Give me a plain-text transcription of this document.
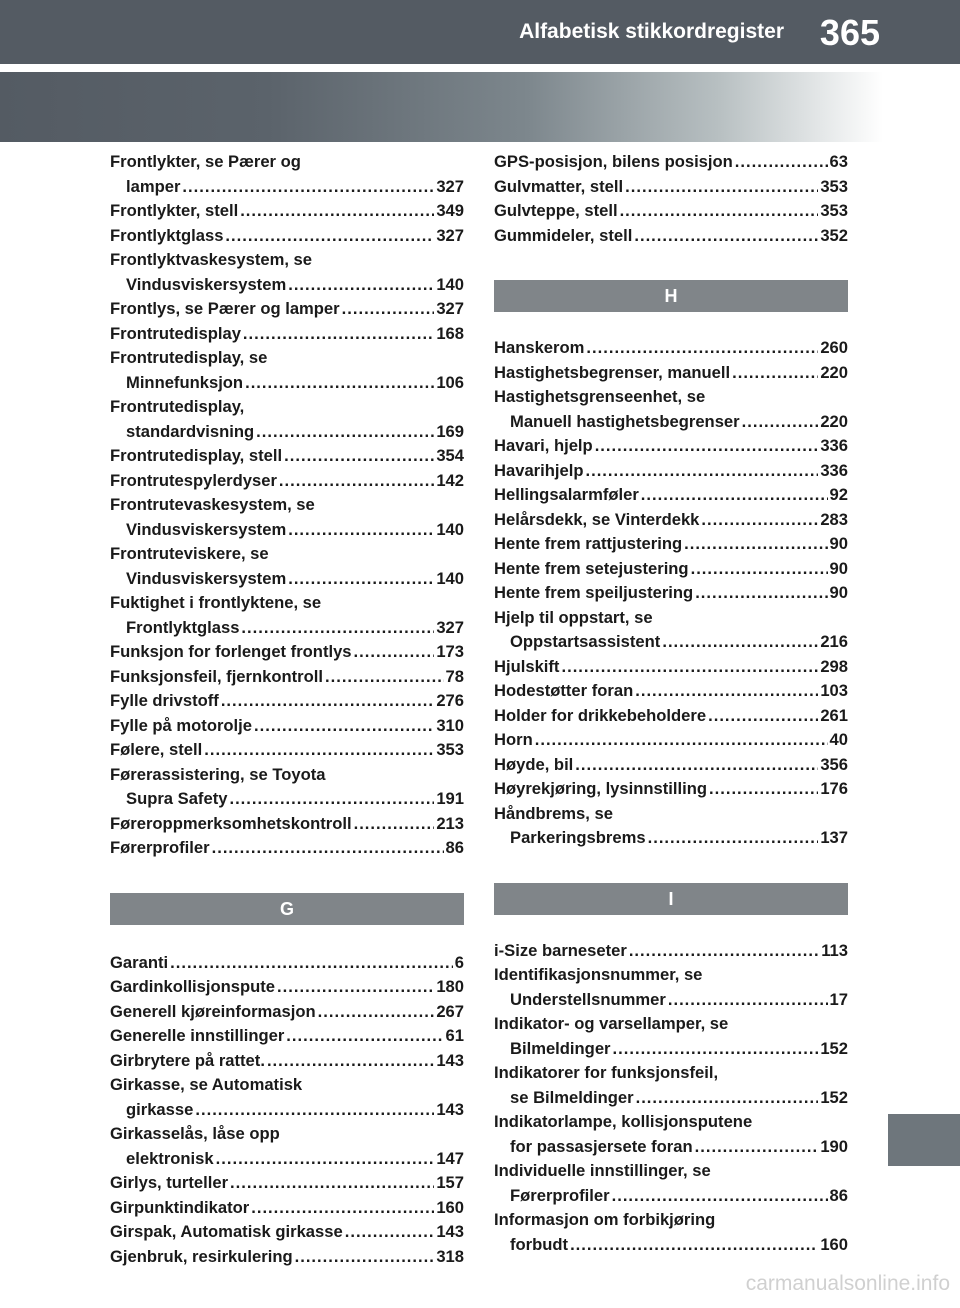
Alfabetisk stikkordregister 365
Frontlykter, se Pærer og
lamper .....	327
Frontlykter, stell .....	349
Frontlyktglass .....	327
Frontlyktvaskesystem, se
Vindusviskersystem .....	140
Frontlys, se Pærer og lamper .....	327
Frontrutedisplay .....	168
Frontrutedisplay, se
Minnefunksjon .....	106
Frontrutedisplay,
standardvisning .....	169
Frontrutedisplay, stell .....	354
Frontrutespylerdyser .....	142
Frontrutevaskesystem, se
Vindusviskersystem .....	140
Frontruteviskere, se
Vindusviskersystem .....	140
Fuktighet i frontlyktene, se
Frontlyktglass .....	327
Funksjon for forlenget frontlys .....	173
Funksjonsfeil, fjernkontroll .....	78
Fylle drivstoff .....	276
Fylle på motorolje .....	310
Følere, stell .....	353
Førerassistering, se Toyota
Supra Safety .....	191
Føreroppmerksomhetskontroll .....	213
Førerprofiler .....	86
G
Garanti .....	6
Gardinkollisjonspute .....	180
Generell kjøreinformasjon .....	267
Generelle innstillinger .....	61
Girbrytere på rattet. .....	143
Girkasse, se Automatisk
girkasse .....	143
Girkasselås, låse opp
elektronisk .....	147
Girlys, turteller .....	157
Girpunktindikator .....	160
Girspak, Automatisk girkasse .....	143
Gjenbruk, resirkulering .....	318
GPS-posisjon, bilens posisjon .....	63
Gulvmatter, stell .....	353
Gulvteppe, stell .....	353
Gummideler, stell .....	352
H
Hanskerom .....	260
Hastighetsbegrenser, manuell .....	220
Hastighetsgrenseenhet, se
Manuell hastighetsbegrenser .....	220
Havari, hjelp .....	336
Havarihjelp .....	336
Hellingsalarmføler .....	92
Helårsdekk, se Vinterdekk .....	283
Hente frem rattjustering .....	90
Hente frem setejustering .....	90
Hente frem speiljustering .....	90
Hjelp til oppstart, se
Oppstartsassistent .....	216
Hjulskift .....	298
Hodestøtter foran .....	103
Holder for drikkebeholdere .....	261
Horn .....	40
Høyde, bil .....	356
Høyrekjøring, lysinnstilling .....	176
Håndbrems, se
Parkeringsbrems .....	137
I
i-Size barneseter .....	113
Identifikasjonsnummer, se
Understellsnummer .....	17
Indikator- og varsellamper, se
Bilmeldinger .....	152
Indikatorer for funksjonsfeil,
se Bilmeldinger .....	152
Indikatorlampe, kollisjonsputene
for passasjersete foran .....	190
Individuelle innstillinger, se
Førerprofiler .....	86
Informasjon om forbikjøring
forbudt .....	160
carmanualsonline.info
